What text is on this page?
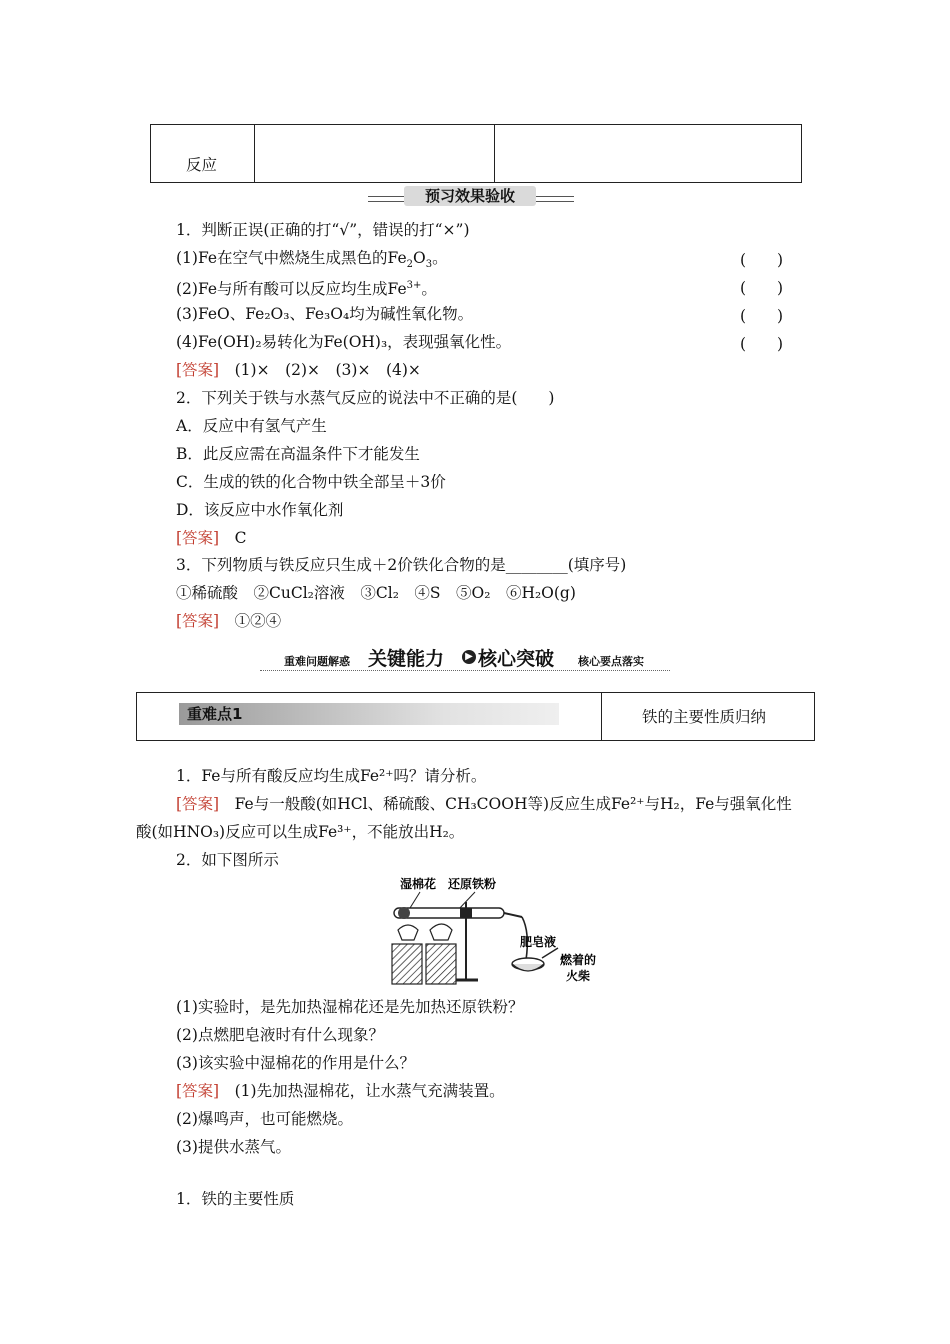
反应
预习效果验收
1．判断正误(正确的打“√”，错误的打“×”)
(1)Fe在空气中燃烧生成黑色的$Fe_2O_3$。	(　　)
(2)Fe与所有酸可以反应均生成$Fe^{3+}$。	(　　)
(3)FeO、Fe₂O₃、Fe₃O₄均为碱性氧化物。	(　　)
(4)Fe(OH)₂易转化为Fe(OH)₃，表现强氧化性。	(　　)
[答案]　 (1)×　(2)×　(3)×　(4)×
2．下列关于铁与水蒸气反应的说法中不正确的是(　　)
A．反应中有氢气产生
B．此反应需在高温条件下才能发生
C．生成的铁的化合物中铁全部呈＋3价
D．该反应中水作氧化剂
[答案]　 C
3．下列物质与铁反应只生成＋2价铁化合物的是________(填序号)
①稀硫酸　②CuCl₂溶液　③Cl₂　④S　⑤O₂　⑥H₂O(g)
[答案]　 ①②④
重难问题解惑 关键能力	▶ 核心突破 核心要点落实
重难点1	铁的主要性质归纳
1．Fe与所有酸反应均生成Fe²⁺吗？请分析。
[答案]　 Fe与一般酸(如HCl、稀硫酸、CH₃COOH等)反应生成Fe²⁺与H₂，Fe与强氧化性
酸(如HNO₃)反应可以生成Fe³⁺，不能放出H₂。
2．如下图所示
湿棉花 还原铁粉
肥皂液
燃着的
火柴
(1)实验时，是先加热湿棉花还是先加热还原铁粉？
(2)点燃肥皂液时有什么现象？
(3)该实验中湿棉花的作用是什么？
[答案]　 (1)先加热湿棉花，让水蒸气充满装置。
(2)爆鸣声，也可能燃烧。
(3)提供水蒸气。
1．铁的主要性质
